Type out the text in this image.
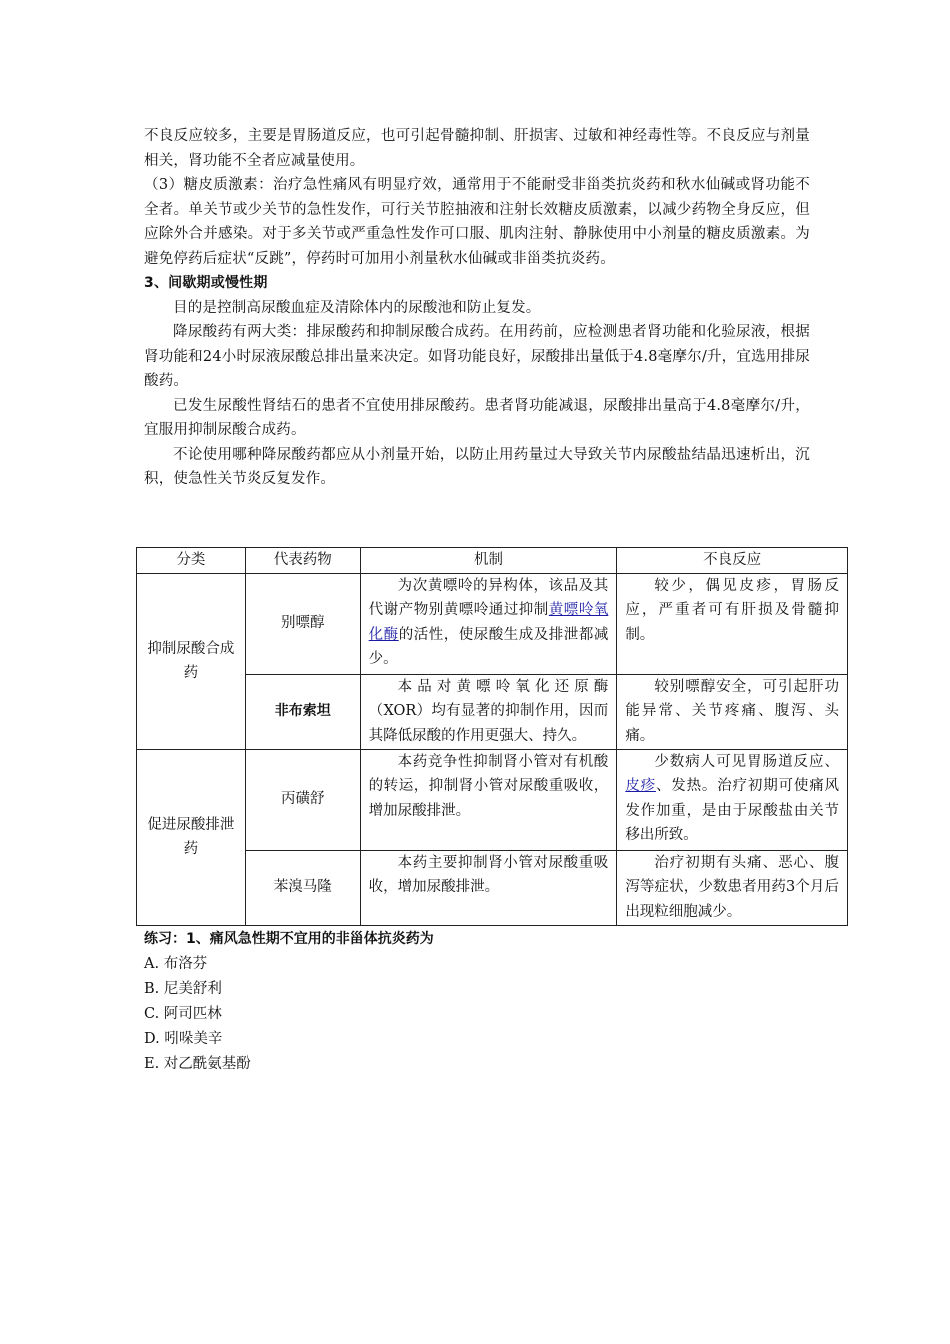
不良反应较多，主要是胃肠道反应，也可引起骨髓抑制、肝损害、过敏和神经毒性等。不良反应与剂量相关，肾功能不全者应减量使用。

（3）糖皮质激素：治疗急性痛风有明显疗效，通常用于不能耐受非甾类抗炎药和秋水仙碱或肾功能不全者。单关节或少关节的急性发作，可行关节腔抽液和注射长效糖皮质激素，以减少药物全身反应，但应除外合并感染。对于多关节或严重急性发作可口服、肌肉注射、静脉使用中小剂量的糖皮质激素。为避免停药后症状“反跳”，停药时可加用小剂量秋水仙碱或非甾类抗炎药。

3、间歇期或慢性期

目的是控制高尿酸血症及清除体内的尿酸池和防止复发。

降尿酸药有两大类：排尿酸药和抑制尿酸合成药。在用药前，应检测患者肾功能和化验尿液，根据肾功能和24小时尿液尿酸总排出量来决定。如肾功能良好，尿酸排出量低于4.8毫摩尔/升，宜选用排尿酸药。

已发生尿酸性肾结石的患者不宜使用排尿酸药。患者肾功能减退，尿酸排出量高于4.8毫摩尔/升，宜服用抑制尿酸合成药。

不论使用哪种降尿酸药都应从小剂量开始，以防止用药量过大导致关节内尿酸盐结晶迅速析出，沉积，使急性关节炎反复发作。

分类	代表药物	机制	不良反应
抑制尿酸合成药	别嘌醇	为次黄嘌呤的异构体，该品及其代谢产物别黄嘌呤通过抑制黄嘌呤氧化酶的活性，使尿酸生成及排泄都减少。	较少，偶见皮疹，胃肠反应，严重者可有肝损及骨髓抑制。

	非布索坦	本品对黄嘌呤氧化还原酶（XOR）均有显著的抑制作用，因而其降低尿酸的作用更强大、持久。	较别嘌醇安全，可引起肝功能异常、关节疼痛、腹泻、头痛。

促进尿酸排泄药	丙磺舒	本药竞争性抑制肾小管对有机酸的转运，抑制肾小管对尿酸重吸收，增加尿酸排泄。	少数病人可见胃肠道反应、皮疹、发热。治疗初期可使痛风发作加重，是由于尿酸盐由关节移出所致。

	苯溴马隆	本药主要抑制肾小管对尿酸重吸收，增加尿酸排泄。	治疗初期有头痛、恶心、腹泻等症状，少数患者用药3个月后出现粒细胞减少。

练习：1、痛风急性期不宜用的非甾体抗炎药为

A. 布洛芬

B. 尼美舒利

C. 阿司匹林

D. 吲哚美辛

E. 对乙酰氨基酚
